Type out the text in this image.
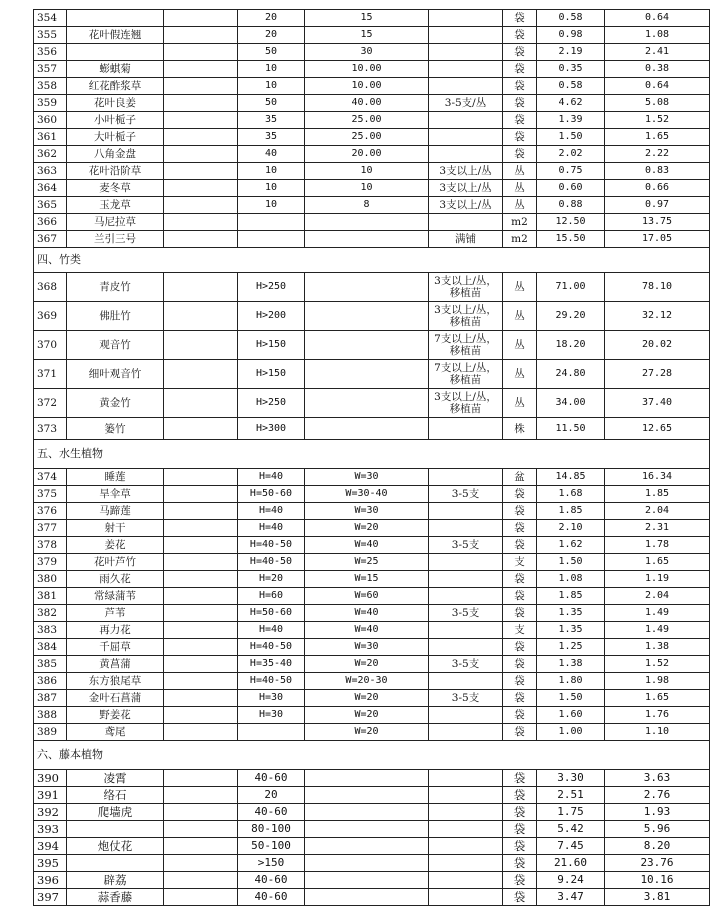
354			20	15		袋	0.58	0.64
355	花叶假连翘		20	15		袋	0.98	1.08
356			50	30		袋	2.19	2.41
357	蟛蜞菊		10	10.00		袋	0.35	0.38
358	红花酢浆草		10	10.00		袋	0.58	0.64
359	花叶良姜		50	40.00	3-5支/丛	袋	4.62	5.08
360	小叶栀子		35	25.00		袋	1.39	1.52
361	大叶栀子		35	25.00		袋	1.50	1.65
362	八角金盘		40	20.00		袋	2.02	2.22
363	花叶沿阶草		10	10	3支以上/丛	丛	0.75	0.83
364	麦冬草		10	10	3支以上/丛	丛	0.60	0.66
365	玉龙草		10	8	3支以上/丛	丛	0.88	0.97
366	马尼拉草					m2	12.50	13.75
367	兰引三号				满铺	m2	15.50	17.05
四、竹类								
368	青皮竹		H>250		3支以上/丛，移植苗	丛	71.00	78.10
369	佛肚竹		H>200		3支以上/丛，移植苗	丛	29.20	32.12
370	观音竹		H>150		7支以上/丛，移植苗	丛	18.20	20.02
371	细叶观音竹		H>150		7支以上/丛，移植苗	丛	24.80	27.28
372	黄金竹		H>250		3支以上/丛，移植苗	丛	34.00	37.40
373	篓竹		H>300			株	11.50	12.65
五、水生植物								
374	睡莲		H=40	W=30		盆	14.85	16.34
375	旱伞草		H=50-60	W=30-40	3-5支	袋	1.68	1.85
376	马蹄莲		H=40	W=30		袋	1.85	2.04
377	射干		H=40	W=20		袋	2.10	2.31
378	姜花		H=40-50	W=40	3-5支	袋	1.62	1.78
379	花叶芦竹		H=40-50	W=25		支	1.50	1.65
380	雨久花		H=20	W=15		袋	1.08	1.19
381	常绿蒲苇		H=60	W=60		袋	1.85	2.04
382	芦苇		H=50-60	W=40	3-5支	袋	1.35	1.49
383	再力花		H=40	W=40		支	1.35	1.49
384	千屈草		H=40-50	W=30		袋	1.25	1.38
385	黄菖蒲		H=35-40	W=20	3-5支	袋	1.38	1.52
386	东方狼尾草		H=40-50	W=20-30		袋	1.80	1.98
387	金叶石菖蒲		H=30	W=20	3-5支	袋	1.50	1.65
388	野姜花		H=30	W=20		袋	1.60	1.76
389	鸢尾			W=20		袋	1.00	1.10
六、藤本植物								
390	凌霄		40-60			袋	3.30	3.63
391	络石		20			袋	2.51	2.76
392	爬墙虎		40-60			袋	1.75	1.93
393			80-100			袋	5.42	5.96
394	炮仗花		50-100			袋	7.45	8.20
395			>150			袋	21.60	23.76
396	辟荔		40-60			袋	9.24	10.16
397	蒜香藤		40-60			袋	3.47	3.81
